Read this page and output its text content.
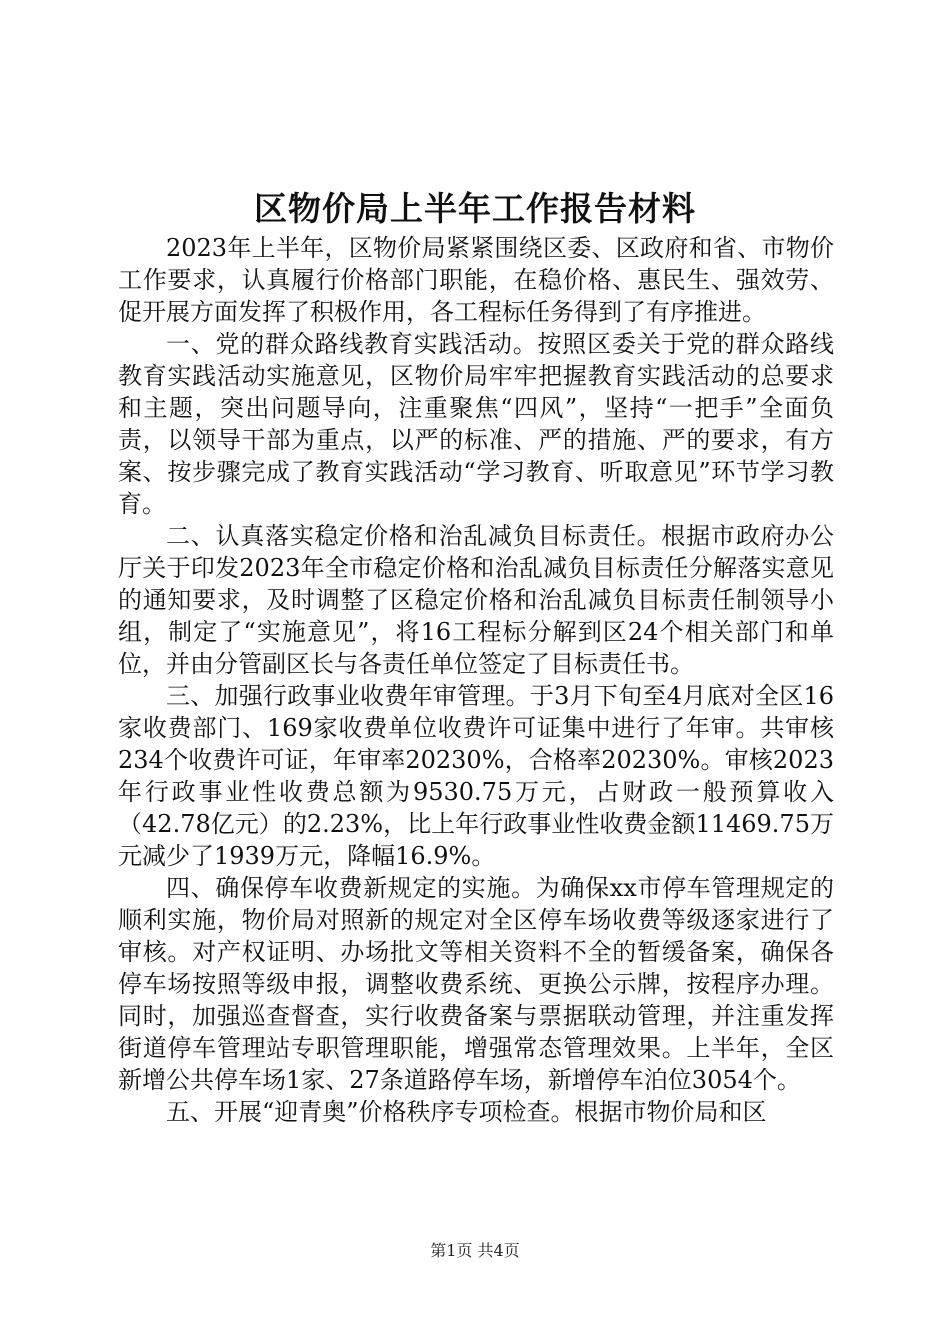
区物价局上半年工作报告材料

2023年上半年，区物价局紧紧围绕区委、区政府和省、市物价工作要求，认真履行价格部门职能，在稳价格、惠民生、强效劳、促开展方面发挥了积极作用，各工程标任务得到了有序推进。

一、党的群众路线教育实践活动。按照区委关于党的群众路线教育实践活动实施意见，区物价局牢牢把握教育实践活动的总要求和主题，突出问题导向，注重聚焦“四风”，坚持“一把手”全面负责，以领导干部为重点，以严的标准、严的措施、严的要求，有方案、按步骤完成了教育实践活动“学习教育、听取意见”环节学习教育。

二、认真落实稳定价格和治乱减负目标责任。根据市政府办公厅关于印发2023年全市稳定价格和治乱减负目标责任分解落实意见的通知要求，及时调整了区稳定价格和治乱减负目标责任制领导小组，制定了“实施意见”，将16工程标分解到区24个相关部门和单位，并由分管副区长与各责任单位签定了目标责任书。

三、加强行政事业收费年审管理。于3月下旬至4月底对全区16家收费部门、169家收费单位收费许可证集中进行了年审。共审核234个收费许可证，年审率20230%，合格率20230%。审核2023年行政事业性收费总额为9530.75万元，占财政一般预算收入（42.78亿元）的2.23%，比上年行政事业性收费金额11469.75万元减少了1939万元，降幅16.9%。

四、确保停车收费新规定的实施。为确保xx市停车管理规定的顺利实施，物价局对照新的规定对全区停车场收费等级逐家进行了审核。对产权证明、办场批文等相关资料不全的暂缓备案，确保各停车场按照等级申报，调整收费系统、更换公示牌，按程序办理。同时，加强巡查督查，实行收费备案与票据联动管理，并注重发挥街道停车管理站专职管理职能，增强常态管理效果。上半年，全区新增公共停车场1家、27条道路停车场，新增停车泊位3054个。

五、开展“迎青奥”价格秩序专项检查。根据市物价局和区

第1页 共4页
